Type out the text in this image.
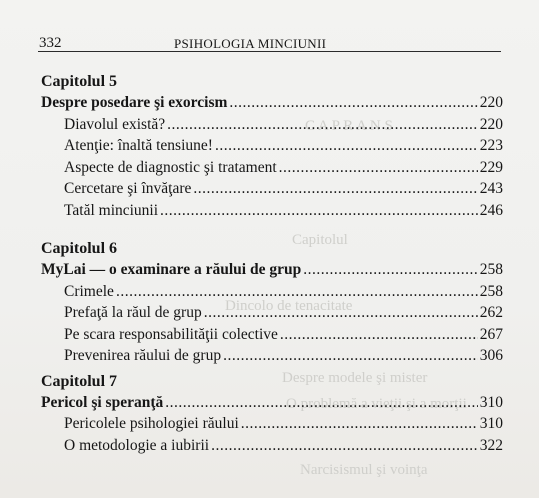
C A P R A N S
Capitolul
Dincolo de tenacitate
Despre modele şi mister
O problemă a vieţii şi a morţii
Narcisismul şi voinţa
332	PSIHOLOGIA MINCIUNII
Capitolul 5
Despre posedare şi exorcism .....	220
Diavolul există? .....	220
Atenţie: înaltă tensiune! .....	223
Aspecte de diagnostic şi tratament .....	229
Cercetare şi învăţare .....	243
Tatăl minciunii .....	246
Capitolul 6
MyLai — o examinare a răului de grup .....	258
Crimele .....	258
Prefaţă la răul de grup .....	262
Pe scara responsabilităţii colective .....	267
Prevenirea răului de grup .....	306
Capitolul 7
Pericol şi speranţă .....	310
Pericolele psihologiei răului .....	310
O metodologie a iubirii .....	322
